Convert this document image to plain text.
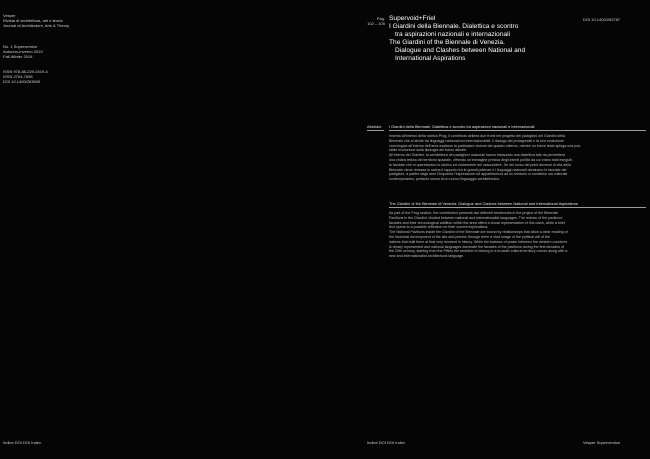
Vesper
Rivista di architettura, arti e teoria
Journal of Architecture, Arts & Theory
No. 1 Supervernice
Autunno-Inverno 2019
Fall-Winter 2019
ISSN 978-88-229-0419-4
ISSN 2704-7598
DOI 10.1400/263605
Indice DOI DOI Index
Pag.
102 – 105
Supervoid+Friel
I Giardini della Biennale. Dialettica e scontro
tra aspirazioni nazionali e internazionali
The Giardini of the Biennale di Venezia.
Dialogue and Clashes between National and
International Aspirations
DOI 10.1400/263767
Abstract I Giardini della Biennale. Dialettica e scontro tra aspirazioni nazionali e internazionali

Inserito all’interno della rubrica Prog, il contributo delinea due fronti nel progetto dei padiglioni dei Giardini della

Biennale che si divide tra linguaggi nazionali ed internazionalisti. Il dialogo dei protagonisti e la loro evoluzione

cronologica all’interno dell’area esaltano la particolare visione del quadro odierno, mentre un breve testo spiega una pos-

sibile evoluzione sulla tipologia del futuro attuale.

All’interno dei Giardini, la architettura dei padiglioni nazionali hanno instaurato una dialettica tale da permettere

una chiara lettura del territorio spaziale, offrendo un’immagine precisa degli intenti politici da cui erano stati eseguiti.

le facciate che si querelavano lo storico ed ovviamente del nascondere. Se nel corso dei primi decenni di vita della

Biennale viene rimessa in scena il rapporto tra le grandi potenze e i linguaggi nazionali dominano le facciate dei

padiglioni, a partire dagli anni Cinquanta l’espressione ed appartenenza ad un territorio si condivise ma culturale

contemporaneo, pertanto senza di un nuovo linguaggio architettonico.

The Giardini of the Biennale di Venezia. Dialogue and Clashes between National and International Aspirations

As part of the Prog section, the contribution presents two different tendencies in the project of the Biennale

Pavilions in the Giardini, divided between national and internationalist languages. The redraw of the pavilions’

facades and their chronological addition within the area offers a visual representation of this clash, while a brief

text opens to a possible reflection on their current implications.

The National Pavilions inside the Giardini of the Biennale are bound by relationships that allow a clear reading of

the historical development of the site and precise through them a vivid image of the political will of the

nations that built them at that very moment in history. While the balance of power between the western countries

is clearly represented and national languages dominate the facades of the pavilions during the first decades of

the 20th century, starting from the Fifties the ambition to belong to a broader cultural territory comes along with a

new and internationalist architectural language.

Indice DOI DOI Index	Vesper Supervernice
